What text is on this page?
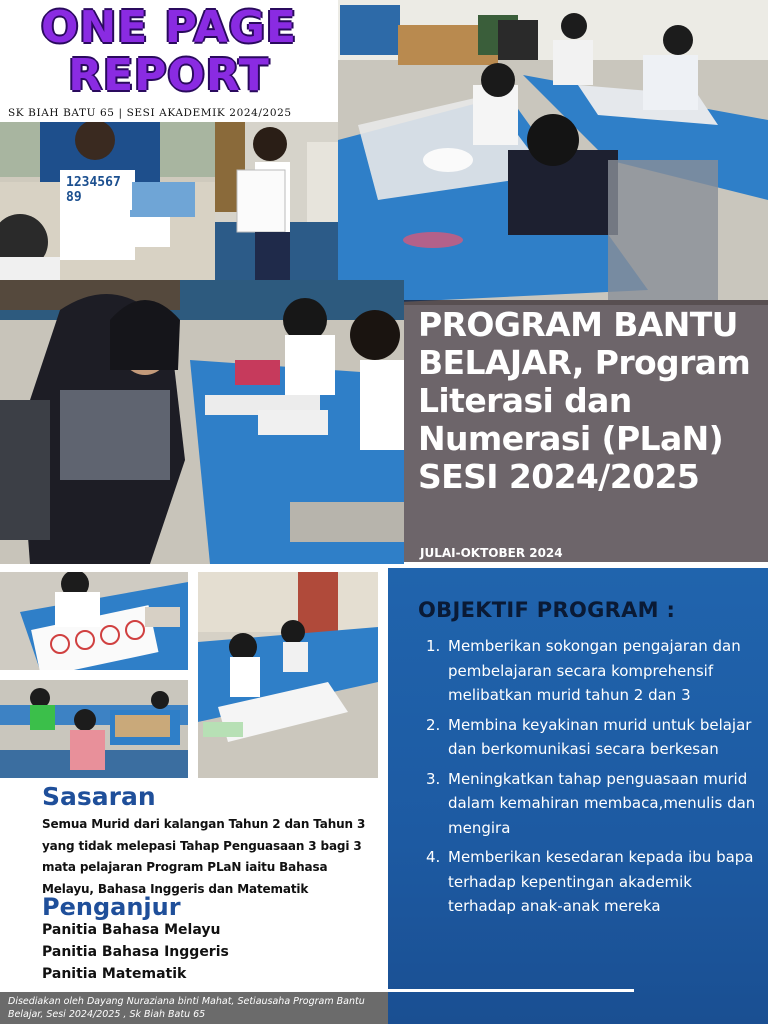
ONE PAGE
REPORT
SK BIAH BATU 65 | SESI AKADEMIK 2024/2025
1234567
89
PROGRAM BANTU BELAJAR, Program Literasi dan Numerasi (PLaN) SESI 2024/2025
JULAI-OKTOBER 2024
OBJEKTIF PROGRAM :
1. Memberikan sokongan pengajaran dan pembelajaran secara komprehensif melibatkan murid tahun 2 dan 3
2. Membina keyakinan murid untuk belajar dan berkomunikasi secara berkesan
3. Meningkatkan tahap penguasaan murid dalam kemahiran membaca,menulis dan mengira
4. Memberikan kesedaran kepada ibu bapa terhadap kepentingan akademik terhadap anak-anak mereka
Sasaran
Semua Murid dari kalangan Tahun 2 dan Tahun 3 yang tidak melepasi Tahap Penguasaan 3 bagi 3 mata pelajaran Program PLaN iaitu Bahasa Melayu, Bahasa Inggeris dan Matematik
Penganjur
Panitia Bahasa Melayu
Panitia Bahasa Inggeris
Panitia Matematik
Disediakan oleh Dayang Nuraziana binti Mahat, Setiausaha Program Bantu Belajar, Sesi 2024/2025 , Sk Biah Batu 65
